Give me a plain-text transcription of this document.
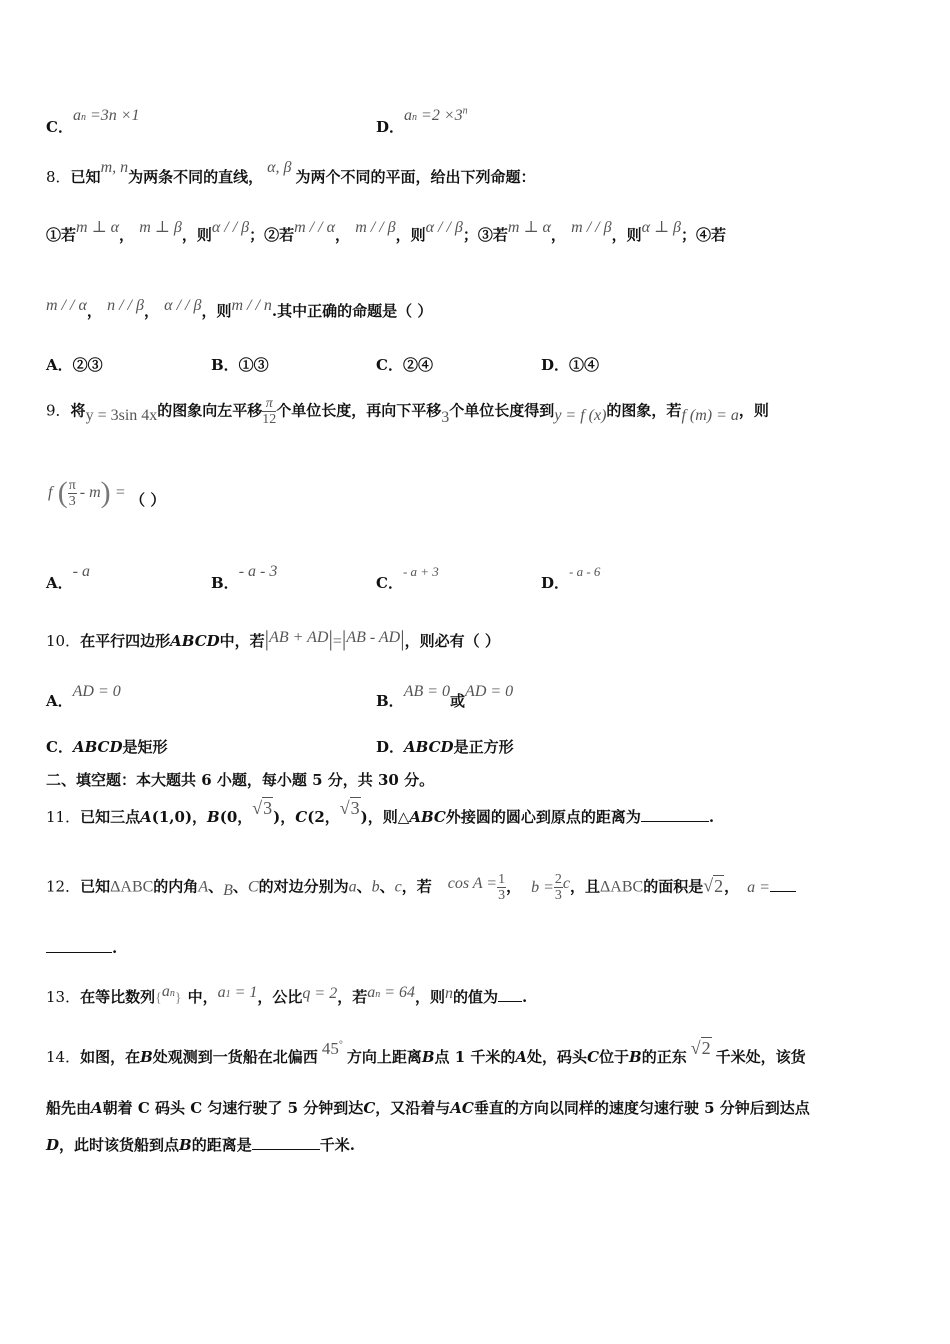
C．an =3n ×1
D．an $=2 \times 3^n$
8．已知m, n为两条不同的直线，α, β为两个不同的平面，给出下列命题：
①若m ⊥ α， m ⊥ β，则α / / β；②若m / / α， m / / β，则α / / β；③若m ⊥ α， m / / β，则α ⊥ β；④若
m / / α， n / / β， α / / β，则m / / n.其中正确的命题是（ ）
A．②③	B．①③	C．②④	D．①④
9．将y = 3sin 4x的图象向左平移 $\frac{\pi}{12}$ 个单位长度，再向下平移3个单位长度得到y = f (x)的图象，若f (m) = a，则
f ( $\frac{\pi}{3} - m$) = （ ）
A．- a
B．- a - 3
C．- a + 3
D．- a - 6
10．在平行四边形ABCD中，若|AB + AD|=|AB - AD|，则必有（ ）
A．AD = 0
B．AB = 0或AD = 0
C．ABCD是矩形	D．ABCD是正方形
二、填空题：本大题共 6 小题，每小题 5 分，共 30 分。
11．已知三点A(1,0)，B(0，√3)，C(2，√3)，则△ABC外接圆的圆心到原点的距离为	.
12．已知ΔABC的内角A、B、C的对边分别为a、b、c，若 $\cos A = \frac{1}{3}$ ， $b = \frac{2}{3}$ c，且ΔABC的面积是√2， a =
.
13．在等比数列{an} 中，a1 = 1，公比q = 2，若an = 64，则n的值为 .
14．如图，在B处观测到一货船在北偏西 45°方向上距离B点 1 千米的A处，码头C位于B的正东 √2 千米处，该货
船先由A朝着 C 码头 C 匀速行驶了 5 分钟到达C，又沿着与AC垂直的方向以同样的速度匀速行驶 5 分钟后到达点
D，此时该货船到点B的距离是	千米.
